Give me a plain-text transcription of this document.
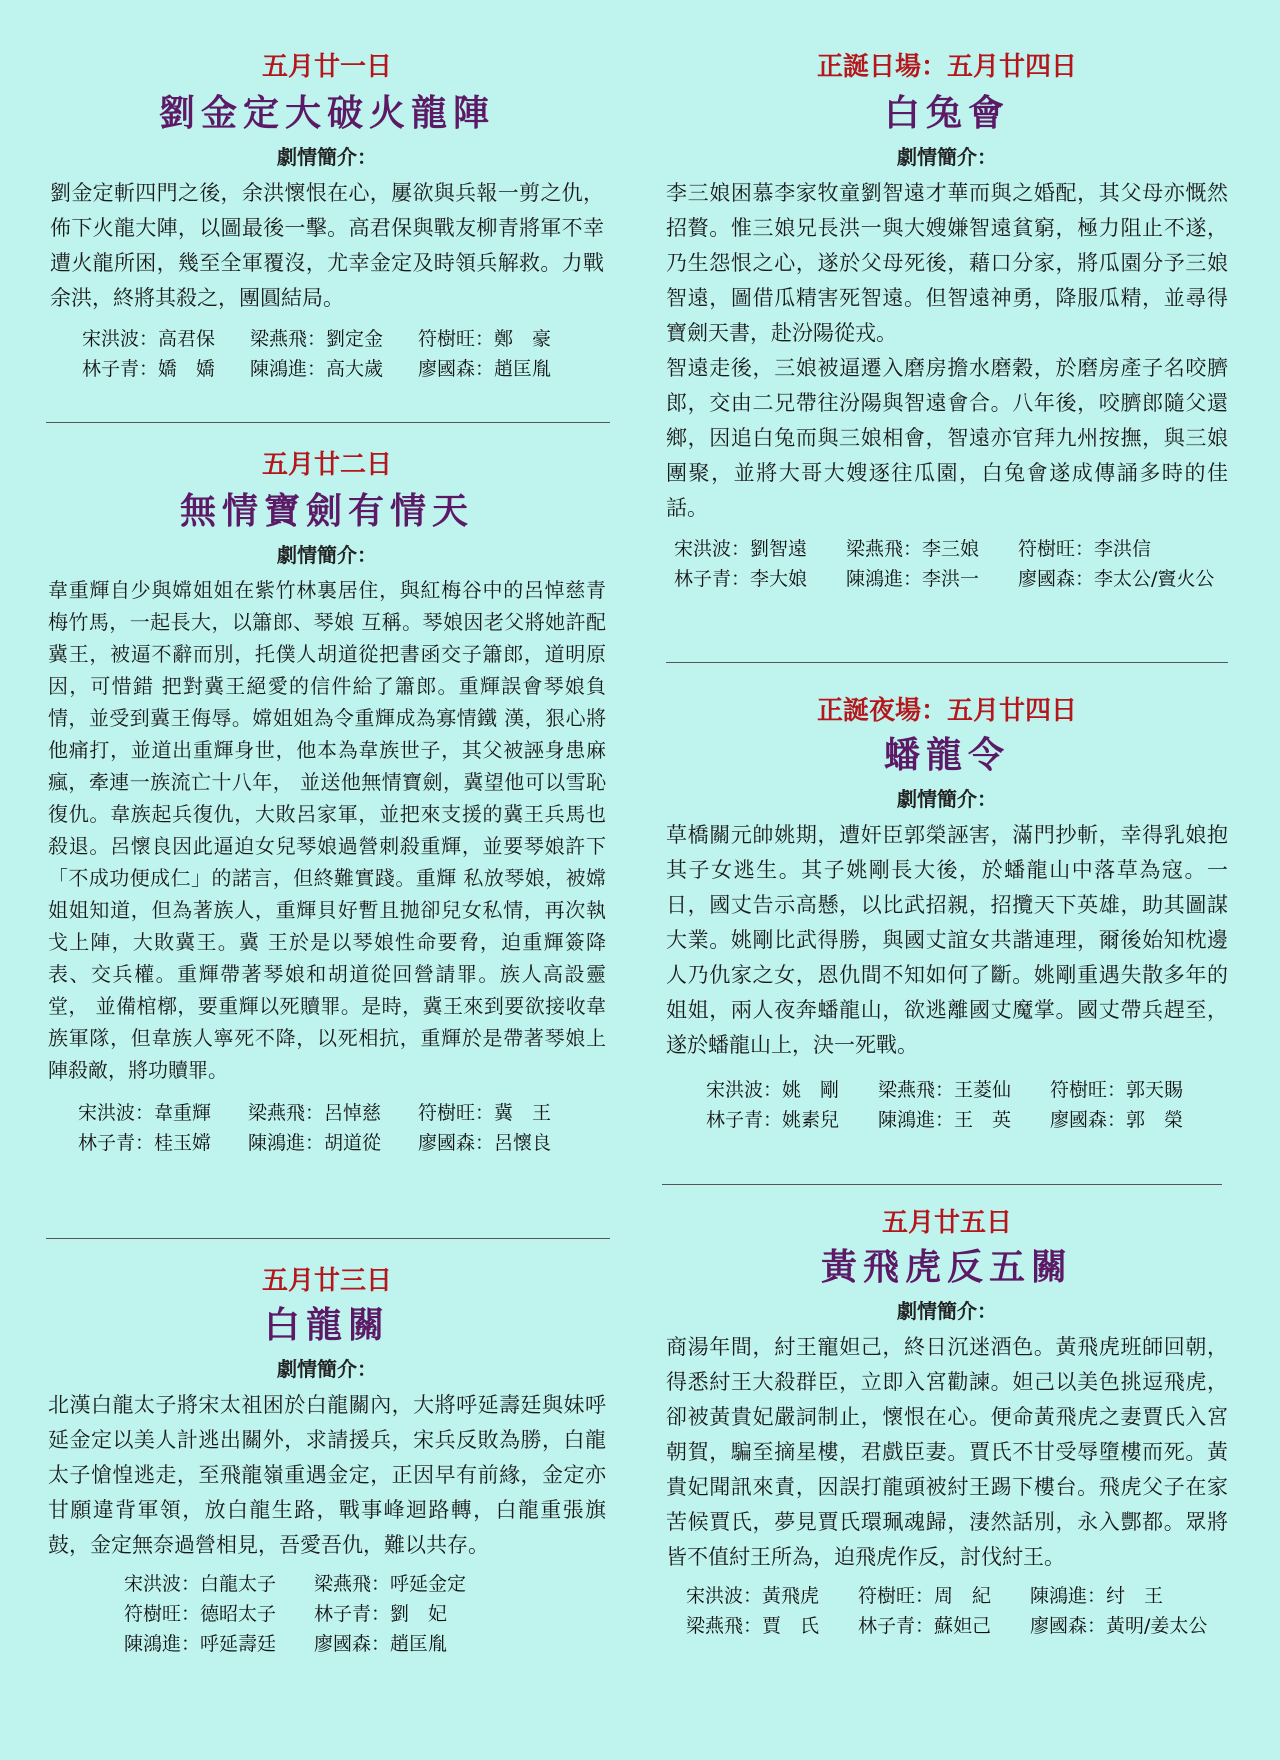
五月廿一日
劉金定大破火龍陣
劇情簡介：

劉金定斬四門之後，余洪懷恨在心，屢欲與兵報一剪之仇，佈下火龍大陣，以圖最後一擊。高君保與戰友柳青將軍不幸遭火龍所困，幾至全軍覆沒，尤幸金定及時領兵解救。力戰余洪，終將其殺之，團圓結局。

宋洪波：高君保	梁燕飛：劉定金	符樹旺：鄭　豪
林子青：嬌　嬌	陳鴻進：高大歲	廖國森：趙匡胤
五月廿二日
無情寶劍有情天
劇情簡介：

韋重輝自少與嫦姐姐在紫竹林裏居住，與紅梅谷中的呂悼慈青梅竹馬，一起長大，以簫郎、琴娘 互稱。琴娘因老父將她許配冀王，被逼不辭而別，托僕人胡道從把書函交子簫郎，道明原因，可惜錯 把對冀王絕愛的信件給了簫郎。重輝誤會琴娘負情，並受到冀王侮辱。嫦姐姐為令重輝成為寡情鐵 漢，狠心將他痛打，並道出重輝身世，他本為韋族世子，其父被誣身患麻瘋，牽連一族流亡十八年， 並送他無情寶劍，冀望他可以雪恥復仇。韋族起兵復仇，大敗呂家軍，並把來支援的冀王兵馬也殺退。呂懷良因此逼迫女兒琴娘過營刺殺重輝，並要琴娘許下「不成功便成仁」的諾言，但終難實踐。重輝 私放琴娘，被嫦姐姐知道，但為著族人，重輝貝好暫且拋卻兒女私情，再次執戈上陣，大敗冀王。冀 王於是以琴娘性命要脅，迫重輝簽降表、交兵權。重輝帶著琴娘和胡道從回營請罪。族人高設靈堂， 並備棺槨，要重輝以死贖罪。是時，冀王來到要欲接收韋族軍隊，但韋族人寧死不降，以死相抗，重輝於是帶著琴娘上陣殺敵，將功贖罪。

宋洪波：韋重輝	梁燕飛：呂悼慈	符樹旺：冀　王
林子青：桂玉嫦	陳鴻進：胡道從	廖國森：呂懷良
五月廿三日
白龍關
劇情簡介：

北漢白龍太子將宋太祖困於白龍關內，大將呼延壽廷與妹呼延金定以美人計逃出關外，求請援兵，宋兵反敗為勝，白龍太子愴惶逃走，至飛龍嶺重遇金定，正因早有前緣，金定亦甘願違背軍領，放白龍生路，戰事峰迴路轉，白龍重張旗鼓，金定無奈過營相見，吾愛吾仇，難以共存。

宋洪波：白龍太子	梁燕飛：呼延金定
符樹旺：德昭太子	林子青：劉　妃
陳鴻進：呼延壽廷	廖國森：趙匡胤
正誕日場：五月廿四日
白兔會
劇情簡介：

李三娘困慕李家牧童劉智遠才華而與之婚配，其父母亦慨然招贅。惟三娘兄長洪一與大嫂嫌智遠貧窮，極力阻止不遂，乃生怨恨之心，遂於父母死後，藉口分家，將瓜園分予三娘智遠，圖借瓜精害死智遠。但智遠神勇，降服瓜精，並尋得寶劍天書，赴汾陽從戎。

智遠走後，三娘被逼遷入磨房擔水磨穀，於磨房產子名咬臍郎，交由二兄帶往汾陽與智遠會合。八年後，咬臍郎隨父還鄉，因追白兔而與三娘相會，智遠亦官拜九州按撫，與三娘團聚，並將大哥大嫂逐往瓜園，白兔會遂成傳誦多時的佳話。

宋洪波：劉智遠	梁燕飛：李三娘	符樹旺：李洪信
林子青：李大娘	陳鴻進：李洪一	廖國森：李太公/竇火公
正誕夜場：五月廿四日
蟠龍令
劇情簡介：

草橋關元帥姚期，遭奸臣郭榮誣害，滿門抄斬，幸得乳娘抱其子女逃生。其子姚剛長大後，於蟠龍山中落草為寇。一日，國丈告示高懸，以比武招親，招攬天下英雄，助其圖謀大業。姚剛比武得勝，與國丈誼女共諧連理，爾後始知枕邊人乃仇家之女，恩仇間不知如何了斷。姚剛重遇失散多年的姐姐，兩人夜奔蟠龍山，欲逃離國丈魔掌。國丈帶兵趕至，遂於蟠龍山上，決一死戰。

宋洪波：姚　剛	梁燕飛：王菱仙	符樹旺：郭天賜
林子青：姚素兒	陳鴻進：王　英	廖國森：郭　榮
五月廿五日
黃飛虎反五關
劇情簡介：

商湯年間，紂王寵妲己，終日沉迷酒色。黃飛虎班師回朝，得悉紂王大殺群臣，立即入宮勸諫。妲己以美色挑逗飛虎，卻被黃貴妃嚴詞制止，懷恨在心。便命黃飛虎之妻賈氏入宮朝賀，騙至摘星樓，君戲臣妻。賈氏不甘受辱墮樓而死。黃貴妃聞訊來責，因誤打龍頭被紂王踢下樓台。飛虎父子在家苦候賈氏，夢見賈氏環珮魂歸，淒然話別，永入酆都。眾將皆不值紂王所為，迫飛虎作反，討伐紂王。

宋洪波：黃飛虎	符樹旺：周　紀	陳鴻進：纣　王
梁燕飛：賈　氏	林子青：蘇妲己	廖國森：黃明/姜太公
